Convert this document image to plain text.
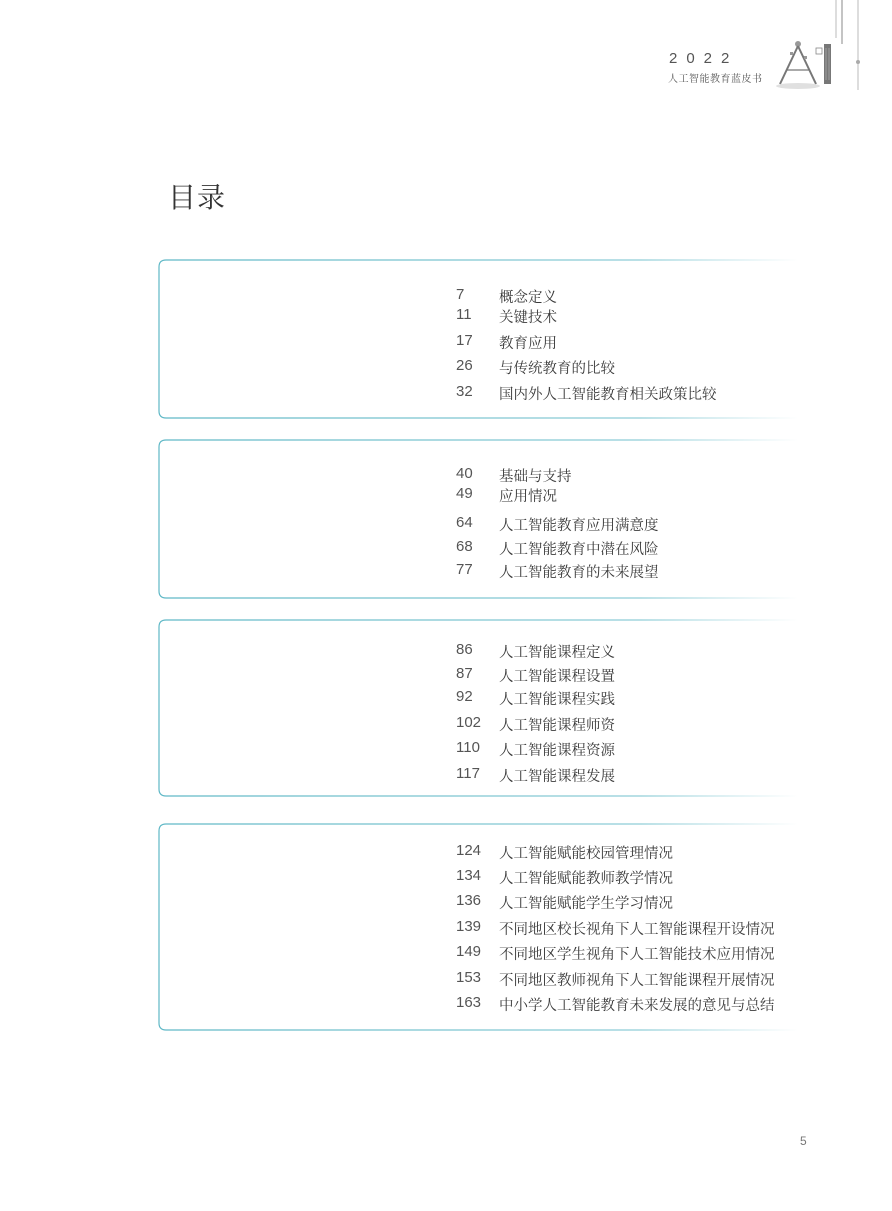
2022
人工智能教育蓝皮书
目录
7	概念定义
11	关键技术
17	教育应用
26	与传统教育的比较
32	国内外人工智能教育相关政策比较
40	基础与支持
49	应用情况
64	人工智能教育应用满意度
68	人工智能教育中潜在风险
77	人工智能教育的未来展望
86	人工智能课程定义
87	人工智能课程设置
92	人工智能课程实践
102	人工智能课程师资
110	人工智能课程资源
117	人工智能课程发展
124	人工智能赋能校园管理情况
134	人工智能赋能教师教学情况
136	人工智能赋能学生学习情况
139	不同地区校长视角下人工智能课程开设情况
149	不同地区学生视角下人工智能技术应用情况
153	不同地区教师视角下人工智能课程开展情况
163	中小学人工智能教育未来发展的意见与总结
5
